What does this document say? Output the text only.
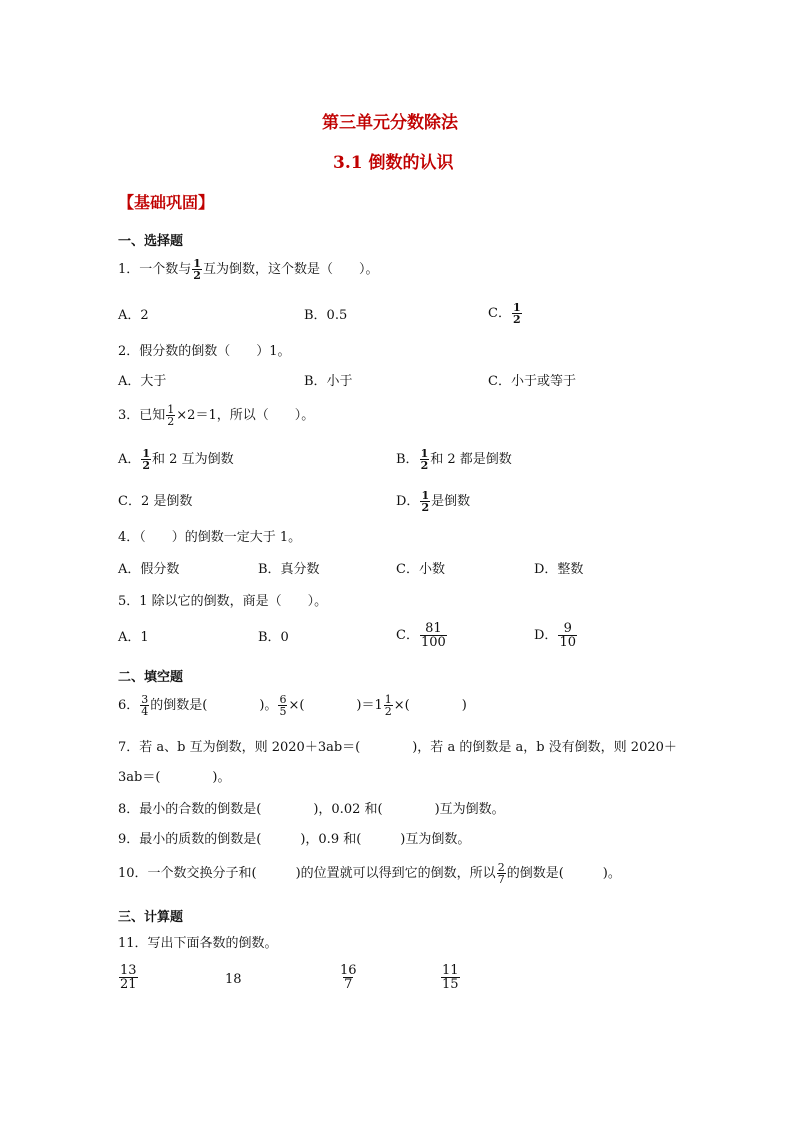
第三单元分数除法
3.1 倒数的认识
【基础巩固】
一、选择题
1．一个数与 $\frac{1}{2}$ 互为倒数，这个数是（　　）。
A．2	B．0.5	C． $\frac{1}{2}$
2．假分数的倒数（　　）1。
A．大于	B．小于	C．小于或等于
3．已知 $\frac{1}{2} \times 2=1$，所以（　　）。
A． $\frac{1}{2}$ 和 2 互为倒数	B． $\frac{1}{2}$ 和 2 都是倒数
C．2 是倒数	D． $\frac{1}{2}$ 是倒数
4．（　　）的倒数一定大于 1。
A．假分数	B．真分数	C．小数	D．整数
5．1 除以它的倒数，商是（　　）。
A．1	B．0	C． $\frac{81}{100}$	D． $\frac{9}{10}$
二、填空题
6． $\frac{3}{4}$ 的倒数是(　　　　)。 $\frac{6}{5}$ ×(　　　　)$=1 \frac{1}{2}$ ×(　　　　)
7．若 a、b 互为倒数，则 2020＋3ab＝(　　　　)，若 a 的倒数是 a，b 没有倒数，则 2020＋
3ab＝(　　　　)。
8．最小的合数的倒数是(　　　　)，0.02 和(　　　　)互为倒数。
9．最小的质数的倒数是(　　　)，0.9 和(　　　)互为倒数。
10．一个数交换分子和(　　　)的位置就可以得到它的倒数，所以 $\frac{2}{7}$ 的倒数是(　　　)。
三、计算题
11．写出下面各数的倒数。
$\frac{13}{21}$	18	$\frac{16}{7}$	$\frac{11}{15}$
